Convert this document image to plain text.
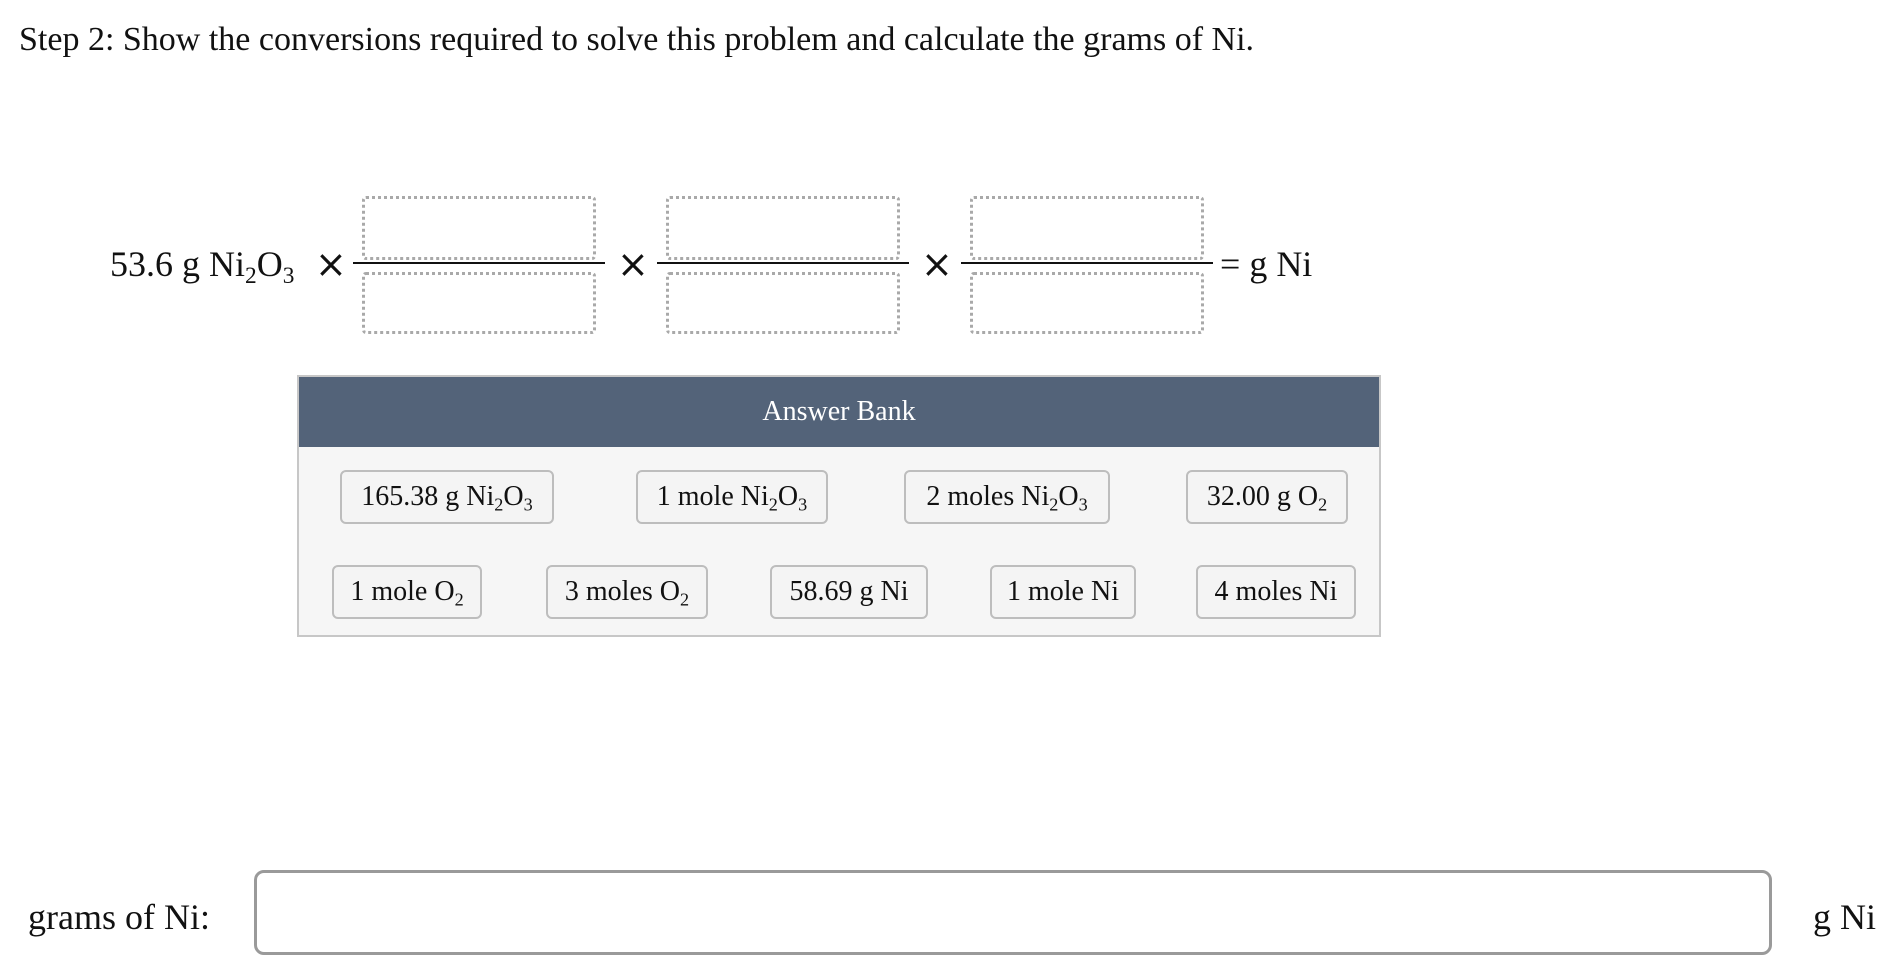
Step 2: Show the conversions required to solve this problem and calculate the grams of Ni.
53.6 g $Ni_2O_3$ ×	×	×	= g Ni
Answer Bank
165.38 g $Ni_2O_3$	1 mole $Ni_2O_3$	2 moles $Ni_2O_3$	32.00 g $O_2$
1 mole $O_2$	3 moles $O_2$	58.69 g Ni	1 mole Ni	4 moles Ni
grams of Ni:	g Ni
